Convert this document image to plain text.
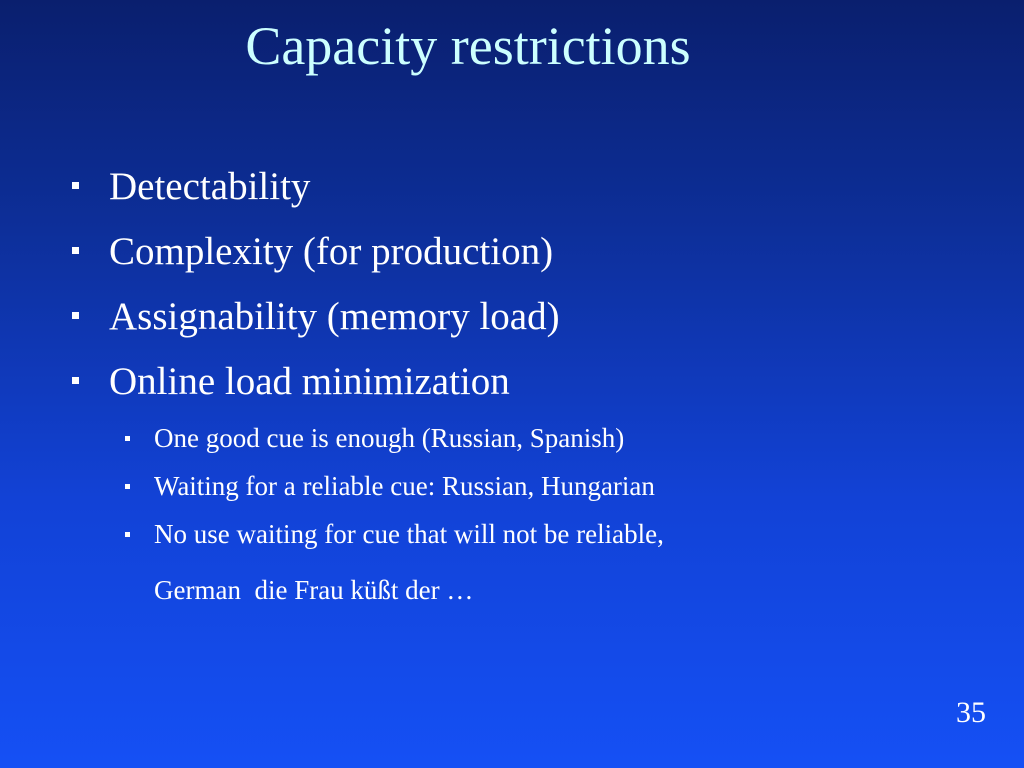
Capacity restrictions
Detectability
Complexity (for production)
Assignability (memory load)
Online load minimization
One good cue is enough (Russian, Spanish)
Waiting for a reliable cue: Russian, Hungarian
No use waiting for cue that will not be reliable,
German  die Frau küßt der …
35
